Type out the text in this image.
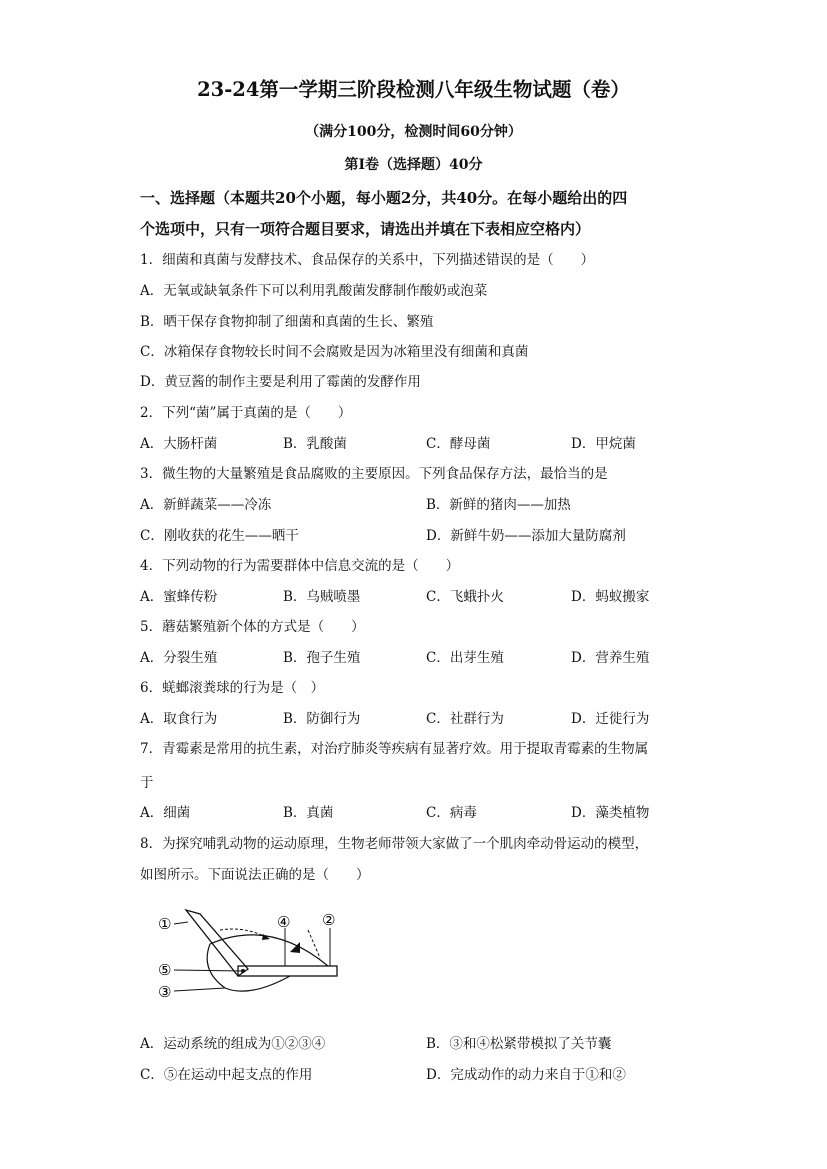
23-24第一学期三阶段检测八年级生物试题（卷）
（满分100分，检测时间60分钟）
第Ⅰ卷（选择题）40分
一、选择题（本题共20个小题，每小题2分，共40分。在每小题给出的四
个选项中，只有一项符合题目要求，请选出并填在下表相应空格内）
1．细菌和真菌与发酵技术、食品保存的关系中，下列描述错误的是（　　）
A．无氧或缺氧条件下可以利用乳酸菌发酵制作酸奶或泡菜
B．晒干保存食物抑制了细菌和真菌的生长、繁殖
C．冰箱保存食物较长时间不会腐败是因为冰箱里没有细菌和真菌
D．黄豆酱的制作主要是利用了霉菌的发酵作用
2．下列“菌”属于真菌的是（　　）
A．大肠杆菌	B．乳酸菌	C．酵母菌	D．甲烷菌
3．微生物的大量繁殖是食品腐败的主要原因。下列食品保存方法，最恰当的是
A．新鲜蔬菜——冷冻	B．新鲜的猪肉——加热
C．刚收获的花生——晒干	D．新鲜牛奶——添加大量防腐剂
4．下列动物的行为需要群体中信息交流的是（　　）
A．蜜蜂传粉	B．乌贼喷墨	C．飞蛾扑火	D．蚂蚁搬家
5．蘑菇繁殖新个体的方式是（　　）
A．分裂生殖	B．孢子生殖	C．出芽生殖	D．营养生殖
6．蜣螂滚粪球的行为是（　）
A．取食行为	B．防御行为	C．社群行为	D．迁徙行为
7．青霉素是常用的抗生素，对治疗肺炎等疾病有显著疗效。用于提取青霉素的生物属
于
A．细菌	B．真菌	C．病毒	D．藻类植物
8．为探究哺乳动物的运动原理，生物老师带领大家做了一个肌肉牵动骨运动的模型，
如图所示。下面说法正确的是（　　）
①	④ ②
⑤
③
A．运动系统的组成为①②③④	B．③和④松紧带模拟了关节囊
C．⑤在运动中起支点的作用	D．完成动作的动力来自于①和②
